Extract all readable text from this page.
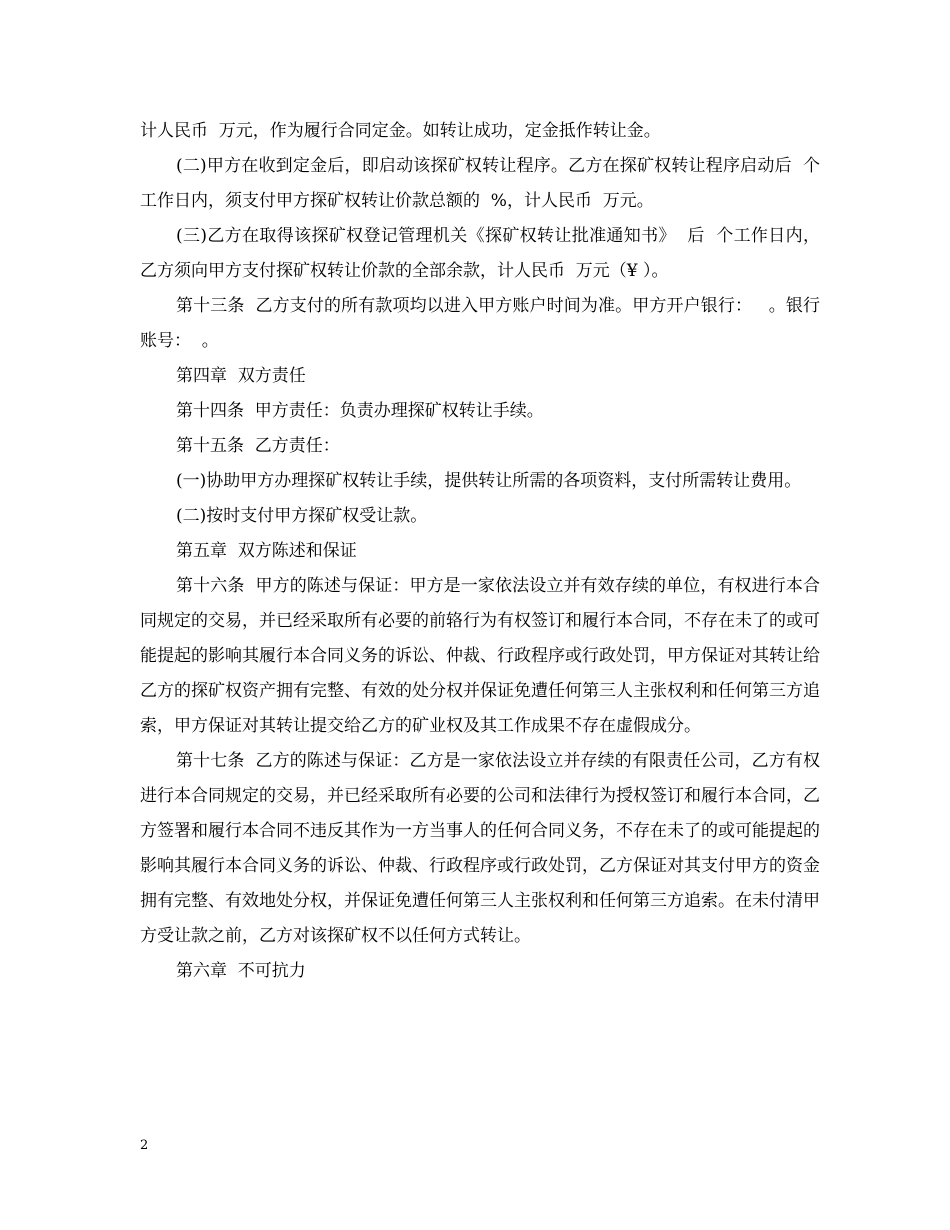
计人民币  万元，作为履行合同定金。如转让成功，定金抵作转让金。

(二)甲方在收到定金后，即启动该探矿权转让程序。乙方在探矿权转让程序启动后  个工作日内，须支付甲方探矿权转让价款总额的  %，计人民币  万元。

(三)乙方在取得该探矿权登记管理机关《探矿权转让批准通知书》  后  个工作日内，乙方须向甲方支付探矿权转让价款的全部余款，计人民币  万元（¥ ）。

第十三条  乙方支付的所有款项均以进入甲方账户时间为准。甲方开户银行：   。银行账号：  。

第四章  双方责任

第十四条  甲方责任：负责办理探矿权转让手续。

第十五条  乙方责任：

(一)协助甲方办理探矿权转让手续，提供转让所需的各项资料，支付所需转让费用。

(二)按时支付甲方探矿权受让款。

第五章  双方陈述和保证

第十六条  甲方的陈述与保证：甲方是一家依法设立并有效存续的单位，有权进行本合同规定的交易，并已经采取所有必要的前辂行为有权签订和履行本合同，不存在未了的或可能提起的影响其履行本合同义务的诉讼、仲裁、行政程序或行政处罚，甲方保证对其转让给乙方的探矿权资产拥有完整、有效的处分权并保证免遭任何第三人主张权利和任何第三方追索，甲方保证对其转让提交给乙方的矿业权及其工作成果不存在虚假成分。

第十七条  乙方的陈述与保证：乙方是一家依法设立并存续的有限责任公司，乙方有权进行本合同规定的交易，并已经采取所有必要的公司和法律行为授权签订和履行本合同，乙方签署和履行本合同不违反其作为一方当事人的任何合同义务，不存在未了的或可能提起的影响其履行本合同义务的诉讼、仲裁、行政程序或行政处罚，乙方保证对其支付甲方的资金拥有完整、有效地处分权，并保证免遭任何第三人主张权利和任何第三方追索。在未付清甲方受让款之前，乙方对该探矿权不以任何方式转让。

第六章  不可抗力

2
